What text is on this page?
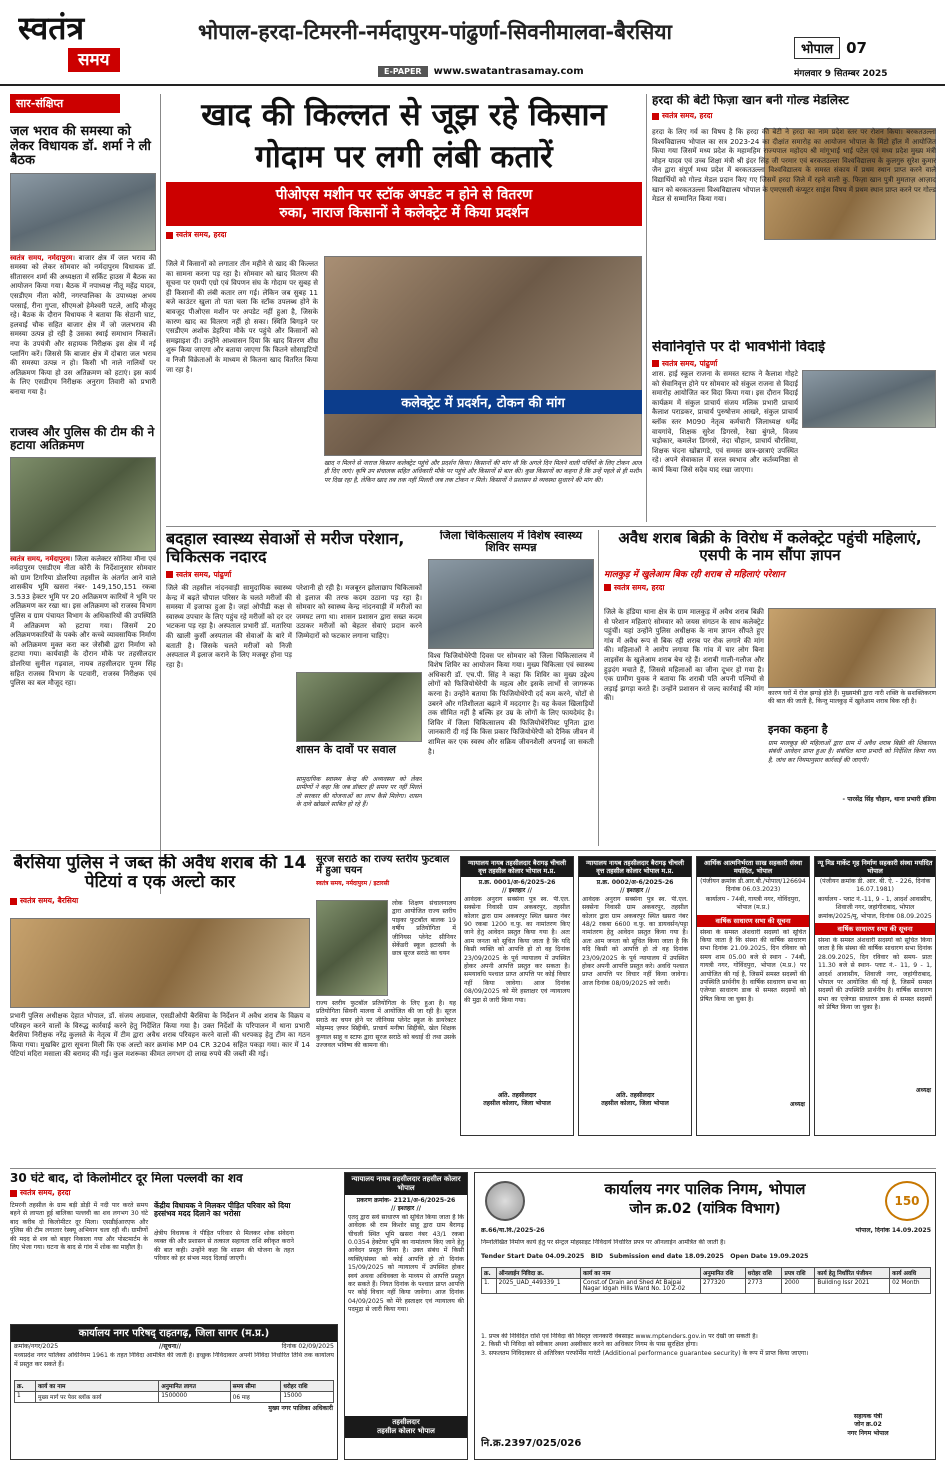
स्वतंत्र
समय
भोपाल-हरदा-टिमरनी-नर्मदापुरम-पांढुर्णा-सिवनीमालवा-बैरसिया
E-PAPER	www.swatantrasamay.com
भोपाल 07
मंगलवार 9 सितम्बर 2025
सार-संक्षिप्त
जल भराव की समस्या को लेकर विधायक डॉ. शर्मा ने ली बैठक
स्वतंत्र समय, नर्मदापुरम। बाजार क्षेत्र में जल भराव की समस्या को लेकर सोमवार को नर्मदापुरम विधायक डॉ. सीतासरन शर्मा की अध्यक्षता में सर्किट हाउस में बैठक का आयोजन किया गया। बैठक में नपाध्यक्ष नीतू महेंद्र यादव, एसडीएम नीता कोरी, नगरपालिका के उपाध्यक्ष अभय परसाई, रीना गुप्ता, सीएमओ हेमेश्वरी पटले, आदि मौजूद रहे। बैठक के दौरान विधायक ने बताया कि सेठानी घाट, हलवाई चौक सहित बाजार क्षेत्र में जो जलभराव की समस्या उत्पन्न हो रही है उसका स्थाई समाधान निकालें। नपा के उपयंत्री और सहायक निरीक्षक इस क्षेत्र में नई प्लानिंग करें। जिससे कि बाजार क्षेत्र में दोबारा जल भराव की समस्या उत्पन्न न हो। किसी भी नाले नालियों पर अतिक्रमण किया हो उस अतिक्रमण को हटाएं। इस कार्य के लिए एसडीएम निरीक्षक अनुराग तिवारी को प्रभारी बनाया गया है।
राजस्व और पुलिस की टीम की ने हटाया अतिक्रमण
स्वतंत्र समय, नर्मदापुरम। जिला कलेक्टर सोनिया मीना एवं नर्मदापुरम एसडीएम नीता कोरी के निर्देशानुसार सोमवार को ग्राम टिगरिया डोलरिया तहसील के अंतर्गत आने वाले शासकीय भूमि खसरा नंबर- 149,150,151 रकबा 3.533 हेक्टर भूमि पर 20 अतिक्रमण कारियों ने भूमि पर अतिक्रमण कर रखा था। इस अतिक्रमण को राजस्व विभाग पुलिस व ग्राम पंचायत विभाग के अधिकारियों की उपस्थिति में अतिक्रमण को हटाया गया। जिसमें 20 अतिक्रमणकारियों के पक्के और कच्चे व्यावसायिक निर्माण को अतिक्रमण मुक्त करा कर जेसीबी द्वारा निर्माण को हटाया गया। कार्यवाही के दौरान मौके पर तहसीलदार डोलरिया सुनील गढ़वाल, नायब तहसीलदार पूनम सिंह सहित राजस्व विभाग के पटवारी, राजस्व निरीक्षक एवं पुलिस का बल मौजूद रहा।
खाद की किल्लत से जूझ रहे किसान
गोदाम पर लगी लंबी कतारें
पीओएस मशीन पर स्टॉक अपडेट न होने से वितरण
रुका, नाराज किसानों ने कलेक्ट्रेट में किया प्रदर्शन
स्वतंत्र समय, हरदा
जिले में किसानों को लगातार तीन महीने से खाद की किल्लत का सामना करना पड़ रहा है। सोमवार को खाद वितरण की सूचना पर एमपी एग्रो एवं विपणन संघ के गोदाम पर सुबह से ही किसानों की लंबी कतार लग गई। लेकिन जब सुबह 11 बजे काउंटर खुला तो पता चला कि स्टॉक उपलब्ध होने के बावजूद पीओएस मशीन पर अपडेट नहीं हुआ है, जिसके कारण खाद का वितरण नहीं हो सका। स्थिति बिगड़ने पर एसडीएम अशोक डेहरिया मौके पर पहुंचे और किसानों को समझाइश दी। उन्होंने आश्वासन दिया कि खाद वितरण शीघ्र शुरू किया जाएगा और बताया जाएगा कि कितने सोसाइटियों व निजी विक्रेताओं के माध्यम से कितना खाद वितरित किया जा रहा है।
कलेक्ट्रेट में प्रदर्शन, टोकन की मांग
खाद न मिलने से नाराज किसान कलेक्ट्रेट पहुंचे और प्रदर्शन किया। किसानों की मांग थी कि अगले दिन मिलने वाली पर्चियों के लिए टोकन आज ही दिए जाएं। कृषि उप संचालक सहित अधिकारी मौके पर पहुंचे और किसानों से बात की। कुछ किसानों का कहना है कि उन्हें पहले से ही मशीन पर दिख रहा है, लेकिन खाद तब तक नहीं मिलती जब तक टोकन न मिले। किसानों ने प्रशासन से व्यवस्था सुधारने की मांग की।
हरदा की बेटी फिज़ा खान बनी गोल्ड मेडलिस्ट
स्वतंत्र समय, हरदा
हरदा के लिए गर्व का विषय है कि हरदा की बेटी ने हरदा का नाम प्रदेश स्तर पर रोशन किया। बरकतउल्ला विश्वविद्यालय भोपाल का सत्र 2023-24 का दीक्षांत समारोह का आयोजन भोपाल के मिंटो हॉल में आयोजित किया गया जिसमें मध्य प्रदेश के महामहिम राज्यपाल महोदय श्री मांगूभाई भाई पटेल एवं मध्य प्रदेश मुख्य मंत्री मोहन यादव एवं उच्च शिक्षा मंत्री श्री इंदर सिंह जी परमार एवं बरकतउल्ला विश्वविद्यालय के कुलगुरु सुरेश कुमार जैन द्वारा संपूर्ण मध्य प्रदेश में बरकतउल्ला विश्वविद्यालय के समस्त संकाय में प्रथम स्थान प्राप्त करने वाले विद्यार्थियों को गोल्ड मेडल प्रदान किए गए जिसमें हरदा जिले में रहने वाली कु. फिज़ा खान पुत्री मुमताज़ आज़ाद खान को बरकतउल्ला विश्वविद्यालय भोपाल के एमएससी कंप्यूटर साइंस विषय में प्रथम स्थान प्राप्त करने पर गोल्ड मेडल से सम्मानित किया गया।
सेवानिवृत्ति पर दी भावभीनी विदाई
स्वतंत्र समय, पांढुर्णा
शास. हाई स्कूल राजना के समस्त स्टाफ ने कैलाश गोहटे को सेवानिवृत्त होने पर सोमवार को संकुल राजना से विदाई समारोह आयोजित कर विदा किया गया। इस दौरान विदाई कार्यक्रम में संकुल प्राचार्य संजय मलिक प्रभारी प्राचार्य कैलाश पराडकर, प्राचार्य पुरुषोत्तम आखरे, संकुल प्राचार्य ब्लॉक स्तर M090 नेतृत्व कर्मचारी जिलाध्यक्ष धर्मेंद्र वायगांवे, शिक्षक सुरेश डिगरसे, रेखा बुंगले, विजय चड़ोकार, कमलेश डिगरसे, नंदा चौहान, प्राचार्य चौरसिया, शिक्षक चंदना खोब्रागडे, एवं समस्त छात्र-छात्राएं उपस्थित रहे। अपने सेवाकाल में सरल स्वभाव और कर्तव्यनिष्ठा से कार्य किया जिसे सदैव याद रखा जाएगा।
बदहाल स्वास्थ्य सेवाओं से मरीज परेशान, चिकित्सक नदारद
स्वतंत्र समय, पांढुर्णा
जिले की तहसील नांदनवाड़ी सामुदायिक स्वास्थ्य केन्द्र में बढ़ते चौपाल परिसर के चलते मरीजों की समस्या में इजाफा हुआ है। जहां ओपीडी कक्ष से स्वास्थ्य उपचार के लिए पहुंच रहे मरीजों को दर दर भटकना पड़ रहा है। अस्पताल प्रभारी डॉ. मतारिया की खाली कुर्सी अस्पताल की सेवाओं के बारे में बताती है। जिसके चलते मरीजों को निजी अस्पताल में इलाज कराने के लिए मजबूर होना पड़ रहा है।
परेशानी हो रही है। मजबूरन झोलाछाप चिकित्सकों से इलाज की तरफ कदम उठाना पड़ रहा है। सोमवार को स्वास्थ्य केन्द्र नांदनवाड़ी में मरीजों का जमघट लगा था। शासन प्रशासन द्वारा सख्त कदम उठाकर मरीजों को बेहतर सेवाएं प्रदान करने जिम्मेदारों को फटकार लगाना चाहिए।
शासन के दावों पर सवाल
सामुदायिक स्वास्थ्य केन्द्र की अव्यवस्था को लेकर ग्रामीणों ने कहा कि जब डॉक्टर ही समय पर नहीं मिलते तो सरकार की योजनाओं का लाभ कैसे मिलेगा। शासन के दावे खोखले साबित हो रहे हैं।
जिला चिकित्सालय में विशेष स्वास्थ्य शिविर सम्पन्न
विश्व फिजियोथेरेपी दिवस पर सोमवार को जिला चिकित्सालय में विशेष शिविर का आयोजन किया गया। मुख्य चिकित्सा एवं स्वास्थ्य अधिकारी डॉ. एच.पी. सिंह ने कहा कि शिविर का मुख्य उद्देश्य लोगों को फिजियोथेरेपी के महत्व और इसके लाभों से जागरूक करना है। उन्होंने बताया कि फिजियोथेरेपी दर्द कम करने, चोटों से उबरने और गतिशीलता बढ़ाने में मददगार है। यह केवल खिलाड़ियों तक सीमित नहीं है बल्कि हर उम्र के लोगों के लिए फायदेमंद है। शिविर में जिला चिकित्सालय की फिजियोथेरेपिस्ट पूनिता द्वारा जानकारी दी गई कि किस प्रकार फिजियोथेरेपी को दैनिक जीवन में शामिल कर एक स्वस्थ और सक्रिय जीवनशैली अपनाई जा सकती है।
अवैध शराब बिक्री के विरोध में कलेक्ट्रेट पहुंची महिलाएं, एसपी के नाम सौंपा ज्ञापन
मालकुड़ में खुलेआम बिक रही शराब से महिलाएं परेशान
स्वतंत्र समय, हरदा
जिले के हंडिया थाना क्षेत्र के ग्राम मालकुड़ में अवैध शराब बिक्री से परेशान महिलाएं सोमवार को जयस संगठन के साथ कलेक्ट्रेट पहुंचीं। यहां उन्होंने पुलिस अधीक्षक के नाम ज्ञापन सौंपते हुए गांव में अवैध रूप से बिक रही शराब पर रोक लगाने की मांग की। महिलाओं ने आरोप लगाया कि गांव में चार लोग बिना लाइसेंस के खुलेआम शराब बेच रहे हैं। शराबी गाली-गलौज और हुड़दंग मचाते हैं, जिससे महिलाओं का जीना दूभर हो गया है। एक ग्रामीण युवक ने बताया कि शराबी पति अपनी पत्नियों से लड़ाई झगड़ा करते हैं। उन्होंने प्रशासन से जल्द कार्रवाई की मांग की।
कारण घरों में रोज झगड़े होते हैं। मुख्यमंत्री द्वारा नारी शक्ति के सशक्तिकरण की बात की जाती है, किन्तु मालकुड़ में खुलेआम शराब बिक रही है।
इनका कहना है
ग्राम मालकुड़ की महिलाओं द्वारा ग्राम में अवैध शराब बिक्री की शिकायत संबंधी आवेदन प्राप्त हुआ है। संबंधित थाना प्रभारी को निर्देशित किया गया है, जांच कर नियमानुसार कार्रवाई की जाएगी।
- पारसेंद्र सिंह चौहान, थाना प्रभारी हंडिया
बैरसिया पुलिस ने जब्त की अवैध शराब की 14 पेटियां व एक अल्टो कार
स्वतंत्र समय, बैरसिया
प्रभारी पुलिस अधीक्षक देहात भोपाल, डॉ. संजय अग्रवाल, एसडीओपी बैरसिया के निर्देशन में अवैध शराब के विक्रय व परिवहन करने वालों के विरुद्ध कार्रवाई करने हेतु निर्देशित किया गया है। उक्त निर्देशों के परिपालन में थाना प्रभारी बैरसिया निरीक्षक नरेंद्र कुलस्ते के नेतृत्व में टीम द्वारा अवैध शराब परिवहन करने वालों की धरपकड़ हेतु टीम का गठन किया गया। मुखबिर द्वारा सूचना मिली कि एक अल्टो कार क्रमांक MP 04 CR 3204 सहित पकड़ा गया। कार में 14 पेटियां मदिरा मसाला की बरामद की गई। कुल मशरूका कीमत लगभग दो लाख रुपये की जब्ती की गई।
सूरज सराठे का राज्य स्तरीय फुटबाल में हुआ चयन
स्वतंत्र समय, नर्मदापुरम / इटारसी
लोक शिक्षण संचालनालय द्वारा आयोजित राज्य स्तरीय पाइका फुटबॉल बालक 19 वर्षीय प्रतियोगिता में जीनियस प्लेनेट सीनियर सेकेंडरी स्कूल इटारसी के छात्र सूरज सराठे का चयन
राज्य स्तरीय फुटबॉल प्रतियोगिता के लिए हुआ है। यह प्रतियोगिता सिवनी मालवा में आयोजित की जा रही है। सूरज सराठे का चयन होने पर जीनियस प्लेनेट स्कूल के डायरेक्टर मोहम्मद ज़फर सिद्दीकी, प्राचार्य मनीषा सिद्दीकी, खेल शिक्षक कुणाल साहू व स्टाफ द्वारा सूरज सराठे को बधाई दी तथा उसके उज्जवल भविष्य की कामना की।
न्यायालय नायब तहसीलदार बैरागढ़ चीचली वृत्त तहसील कोलार भोपाल म.प्र.
प्र.क्र. 0001/अ-6/2025-26
// इश्तहार //
आवेदक अनुराग सक्सेना पुत्र स्व. पी.एल. सक्सेना निवासी ग्राम अकबरपुर, तहसील कोलार द्वारा ग्राम अकबरपुर स्थित खसरा नंबर 90 रकबा 1200 व.फु. का नामांतरण किए जाने हेतु आवेदन प्रस्तुत किया गया है। अतः आम जनता को सूचित किया जाता है कि यदि किसी व्यक्ति को आपत्ति हो तो वह दिनांक 23/09/2025 के पूर्व न्यायालय में उपस्थित होकर अपनी आपत्ति प्रस्तुत कर सकता है। समयावधि पश्चात प्राप्त आपत्ति पर कोई विचार नहीं किया जावेगा। आज दिनांक 08/09/2025 को मेरे हस्ताक्षर एवं न्यायालय की मुद्रा से जारी किया गया।
अति. तहसीलदार
तहसील कोलार, जिला भोपाल
न्यायालय नायब तहसीलदार बैरागढ़ चीचली वृत्त तहसील कोलार भोपाल म.प्र.
प्र.क्र. 0002/अ-6/2025-26
// इश्तहार //
आवेदक अनुराग सक्सेना पुत्र स्व. पी.एल. सक्सेना निवासी ग्राम अकबरपुर, तहसील कोलार द्वारा ग्राम अकबरपुर स्थित खसरा नंबर 48/2 रकबा 6600 व.फु. का डायवर्सन/पट्टा नामांतरण हेतु आवेदन प्रस्तुत किया गया है। अतः आम जनता को सूचित किया जाता है कि यदि किसी को आपत्ति हो तो वह दिनांक 23/09/2025 के पूर्व न्यायालय में उपस्थित होकर अपनी आपत्ति प्रस्तुत करे। अवधि पश्चात प्राप्त आपत्ति पर विचार नहीं किया जावेगा। आज दिनांक 08/09/2025 को जारी।
अति. तहसीलदार
तहसील कोलार, जिला भोपाल
आर्थिक आत्मनिर्भरता साख सहकारी संस्था मर्यादित, भोपाल
(पंजीयन क्रमांक डी.आर.बी./भोपाल/126694 दिनांक 06.03.2023)
कार्यालय - 74बी, गायत्री नगर, गोविंदपुरा, भोपाल (म.प्र.)
वार्षिक साधारण सभा की सूचना
संस्था के समस्त अंशधारी सदस्यों को सूचित किया जाता है कि संस्था की वार्षिक साधारण सभा दिनांक 21.09.2025, दिन रविवार को समय शाम 05.00 बजे से स्थान - 74बी, गायत्री नगर, गोविंदपुरा, भोपाल (म.प्र.) पर आयोजित की गई है, जिसमें समस्त सदस्यों की उपस्थिति प्रार्थनीय है। वार्षिक साधारण सभा का एजेण्डा साधारण डाक से समस्त सदस्यों को प्रेषित किया जा चुका है।
अध्यक्ष
न्यू मिड मार्केट गृह निर्माण सहकारी संस्था मर्यादित भोपाल
(पंजीयन क्रमांक डी. आर. बी. ऐ. - 226, दिनांक 16.07.1981)
कार्यालय - प्लाट नं.-11, 9 - 1, आदर्श आवासीय, शिवाजी नगर, जहांगीराबाद, भोपाल
क्रमांक/2025/मू, भोपाल, दिनांक 08.09.2025
वार्षिक साधारण सभा की सूचना
संस्था के समस्त अंशधारी सदस्यों को सूचित किया जाता है कि संस्था की वार्षिक साधारण सभा दिनांक 28.09.2025, दिन रविवार को समय- प्रातः 11.30 बजे से स्थान- प्लाट नं.- 11, 9 - 1, आदर्श आवासीय, शिवाजी नगर, जहांगीराबाद, भोपाल पर आयोजित की गई है, जिसमें समस्त सदस्यों की उपस्थिति प्रार्थनीय है। वार्षिक साधारण सभा का एजेण्डा साधारण डाक से समस्त सदस्यों को प्रेषित किया जा चुका है।
अध्यक्ष
30 घंटे बाद, दो किलोमीटर दूर मिला पल्लवी का शव
स्वतंत्र समय, हरदा
टिमरनी तहसील के ग्राम बड़ी डोड़ी में नदी पार करते समय बहने से लापता हुई बालिका पल्लवी का शव लगभग 30 घंटे बाद करीब दो किलोमीटर दूर मिला। एसडीईआरएफ और पुलिस की टीम लगातार रेस्क्यू अभियान चला रही थी। ग्रामीणों की मदद से शव को बाहर निकाला गया और पोस्टमार्टम के लिए भेजा गया। घटना के बाद से गांव में शोक का माहौल है।
केंद्रीय विधायक ने मिलकर पीड़ित परिवार को दिया हरसंभव मदद दिलाने का भरोसा
क्षेत्रीय विधायक ने पीड़ित परिवार से मिलकर शोक संवेदना व्यक्त की और प्रशासन से तत्काल सहायता राशि स्वीकृत कराने की बात कही। उन्होंने कहा कि शासन की योजना के तहत परिवार को हर संभव मदद दिलाई जाएगी।
कार्यालय नगर परिषद् राहतगढ़, जिला सागर (म.प्र.)
क्रमांक/नगर/2025	//सूचना//	दिनांक 02/09/2025
मध्यप्रदेश नगर पालिका अधिनियम 1961 के तहत निविदा आमंत्रित की जाती है। इच्छुक निविदाकार अपनी निविदा निर्धारित तिथि तक कार्यालय में प्रस्तुत कर सकते हैं।
क्र.	कार्य का नाम	अनुमानित लागत	समय सीमा	धरोहर राशि
1	मुख्य मार्ग पर पेवर ब्लॉक कार्य	1500000	06 माह	15000
मुख्य नगर पालिका अधिकारी
न्यायालय नायब तहसीलदार तहसील कोलार भोपाल
प्रकरण क्रमांक- 2121/अ-6/2025-26
// इश्तहार //
एतद् द्वारा सर्व साधारण को सूचित किया जाता है कि आवेदक श्री राम किशोर साहू द्वारा ग्राम बैरागढ़ चीचली स्थित भूमि खसरा नंबर 43/1 रकबा 0.0354 हेक्टेयर भूमि का नामांतरण किए जाने हेतु आवेदन प्रस्तुत किया है। उक्त संबंध में किसी व्यक्ति/संस्था को कोई आपत्ति हो तो दिनांक 15/09/2025 को न्यायालय में उपस्थित होकर स्वयं अथवा अधिवक्ता के माध्यम से आपत्ति प्रस्तुत कर सकते हैं। नियत दिनांक के पश्चात प्राप्त आपत्ति पर कोई विचार नहीं किया जावेगा। आज दिनांक 04/09/2025 को मेरे हस्ताक्षर एवं न्यायालय की पदमुद्रा से जारी किया गया।
तहसीलदार
तहसील कोलार भोपाल
कार्यालय नगर पालिक निगम, भोपाल
जोन क्र.02 (यांत्रिक विभाग)	150
क्र.66/या.वि./2025-26	भोपाल, दिनांक 14.09.2025
निम्नलिखित निर्माण कार्य हेतु पर सेन्ट्रल मोहसाइट निविदायें निर्धारित प्रपत्र पर ऑनलाईन आमंत्रित की जाती है।
Tender Start Date 04.09.2025   BID   Submission end date 18.09.2025   Open Date 19.09.2025
क्र.	ऑनलाईन निविदा क्र.	कार्य का नाम	अनुमानित रशि	धरोहर राशि	प्रपत्र राशि	कार्य हेतु निर्धारित पंजीयन	कार्य अवधि
1.	2025_UAD_449339_1	Const.of Drain and Shed At Bajpai Nagar Idgah Hills Ward No. 10 Z-02	277320	2773	2000	Building Issr 2021	02 Month
1. प्रपत्र की निविदित राशि एवं निविदा की विस्तृत जानकारी वेबसाइट www.mptenders.gov.in पर देखी जा सकती है।
2. किसी भी निविदा को स्वीकार अथवा अस्वीकार करने का अधिकार निगम के पास सुरक्षित होगा।
3. सफलतम निविदाकार से अतिरिक्त परफॉर्मेंस गारंटी (Additional performance guarantee security) के रूप में प्राप्त किया जाएगा।
नि.क्र.2397/025/026
सहायक यंत्री
जोन क्र.02
नगर निगम भोपाल
